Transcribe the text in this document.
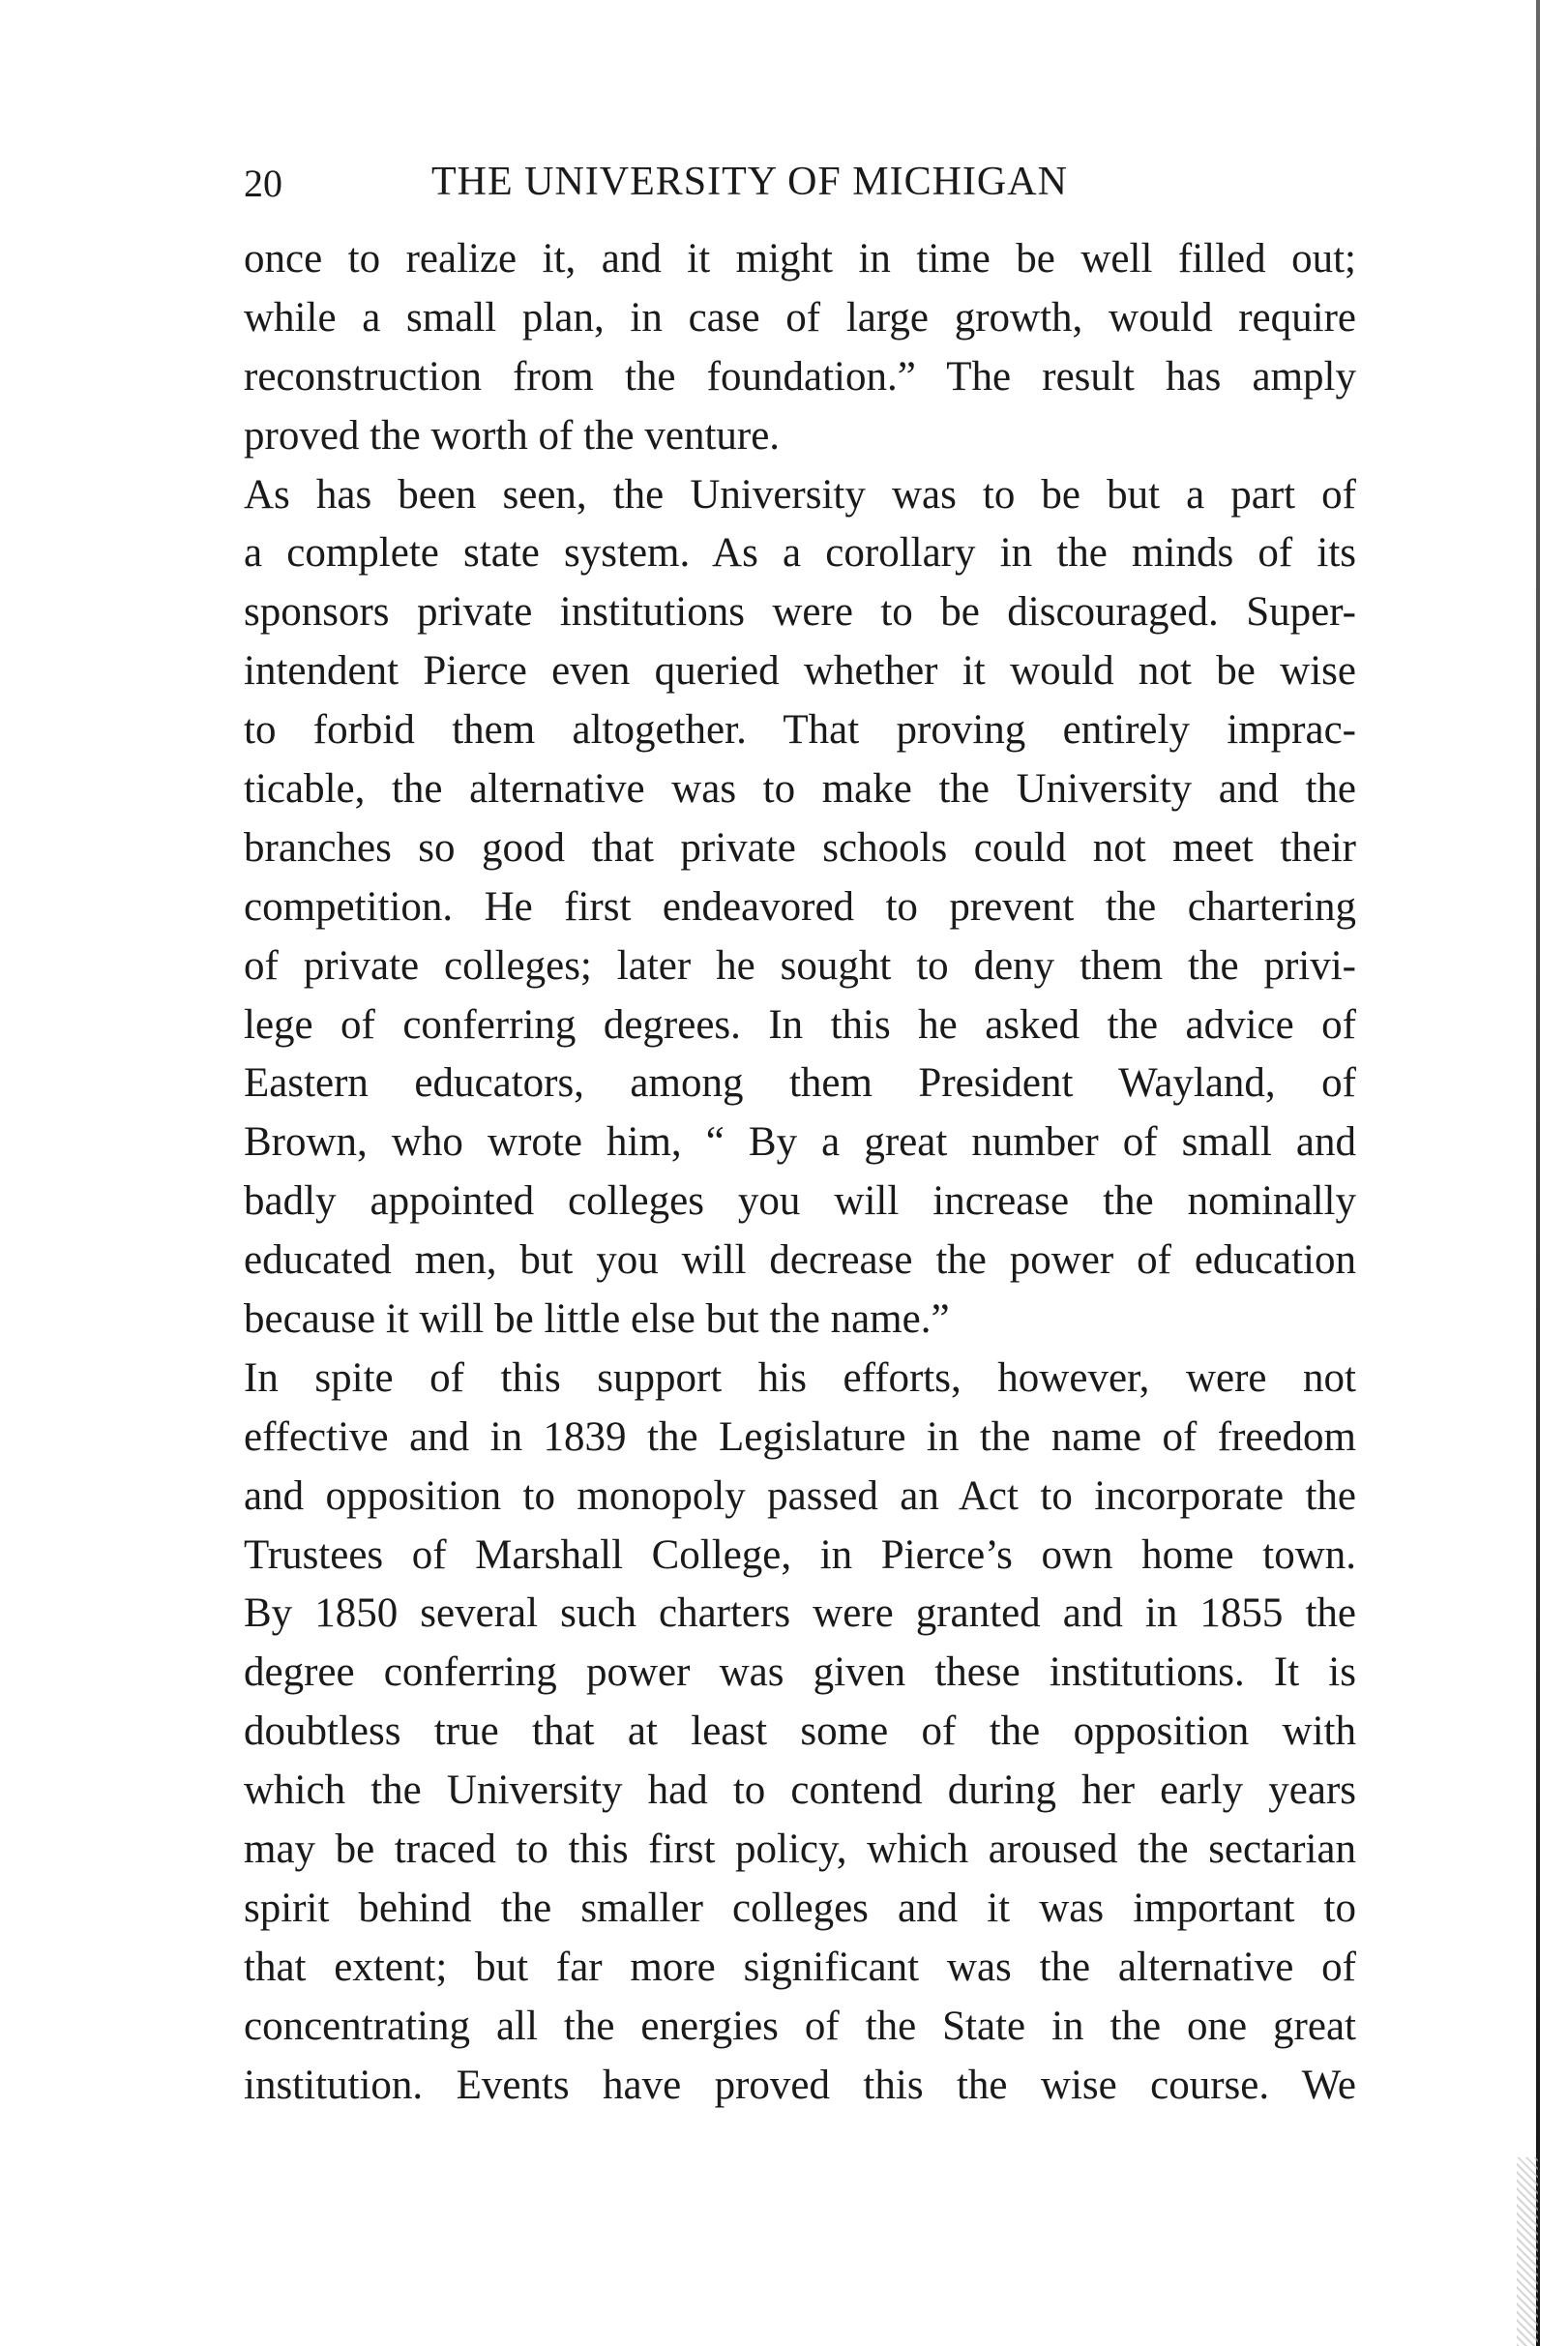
20	THE UNIVERSITY OF MICHIGAN
once to realize it, and it might in time be well filled out;
while a small plan, in case of large growth, would require
reconstruction from the foundation.” The result has amply
proved the worth of the venture.
As has been seen, the University was to be but a part of
a complete state system. As a corollary in the minds of its
sponsors private institutions were to be discouraged. Super-
intendent Pierce even queried whether it would not be wise
to forbid them altogether. That proving entirely imprac-
ticable, the alternative was to make the University and the
branches so good that private schools could not meet their
competition. He first endeavored to prevent the chartering
of private colleges; later he sought to deny them the privi-
lege of conferring degrees. In this he asked the advice of
Eastern educators, among them President Wayland, of
Brown, who wrote him, “ By a great number of small and
badly appointed colleges you will increase the nominally
educated men, but you will decrease the power of education
because it will be little else but the name.”
In spite of this support his efforts, however, were not
effective and in 1839 the Legislature in the name of freedom
and opposition to monopoly passed an Act to incorporate the
Trustees of Marshall College, in Pierce’s own home town.
By 1850 several such charters were granted and in 1855 the
degree conferring power was given these institutions. It is
doubtless true that at least some of the opposition with
which the University had to contend during her early years
may be traced to this first policy, which aroused the sectarian
spirit behind the smaller colleges and it was important to
that extent; but far more significant was the alternative of
concentrating all the energies of the State in the one great
institution. Events have proved this the wise course. We
